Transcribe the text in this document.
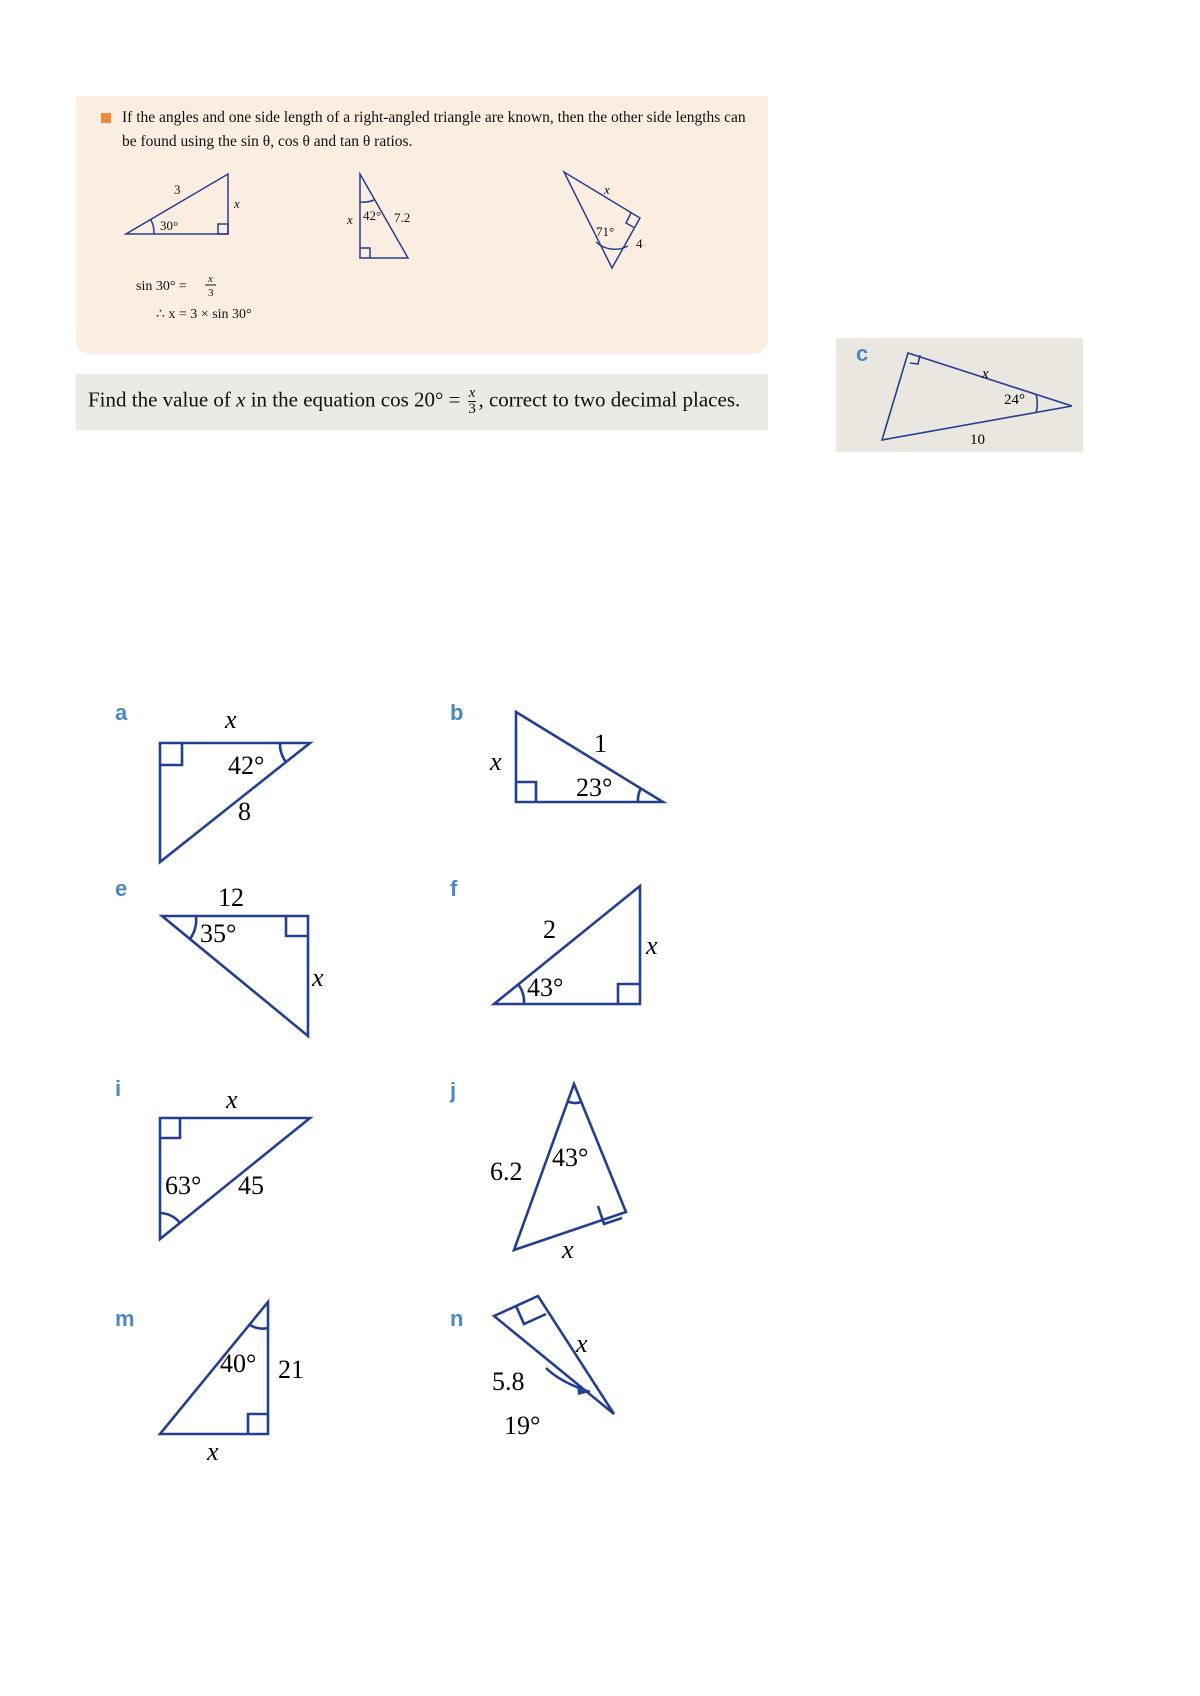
If the angles and one side length of a right-angled triangle are known, then the other side lengths can be found using the sin θ, cos θ and tan θ ratios.
3
x
30°	x 42° 7.2
x
71°
4
sin 30° = x
3
∴ x = 3 × sin 30°
Find the value of x in the equation $\cos 20^\circ = \frac{x}{3}$ , correct to two decimal places.
c
x
24°
10
a	x
42°
8
b
x
1
23°
e	12
35°
x
f
2
x
43°
i	x
63° 45
j
6.2 43°
x
m
40° 21
x
n
x
5.8
19°
